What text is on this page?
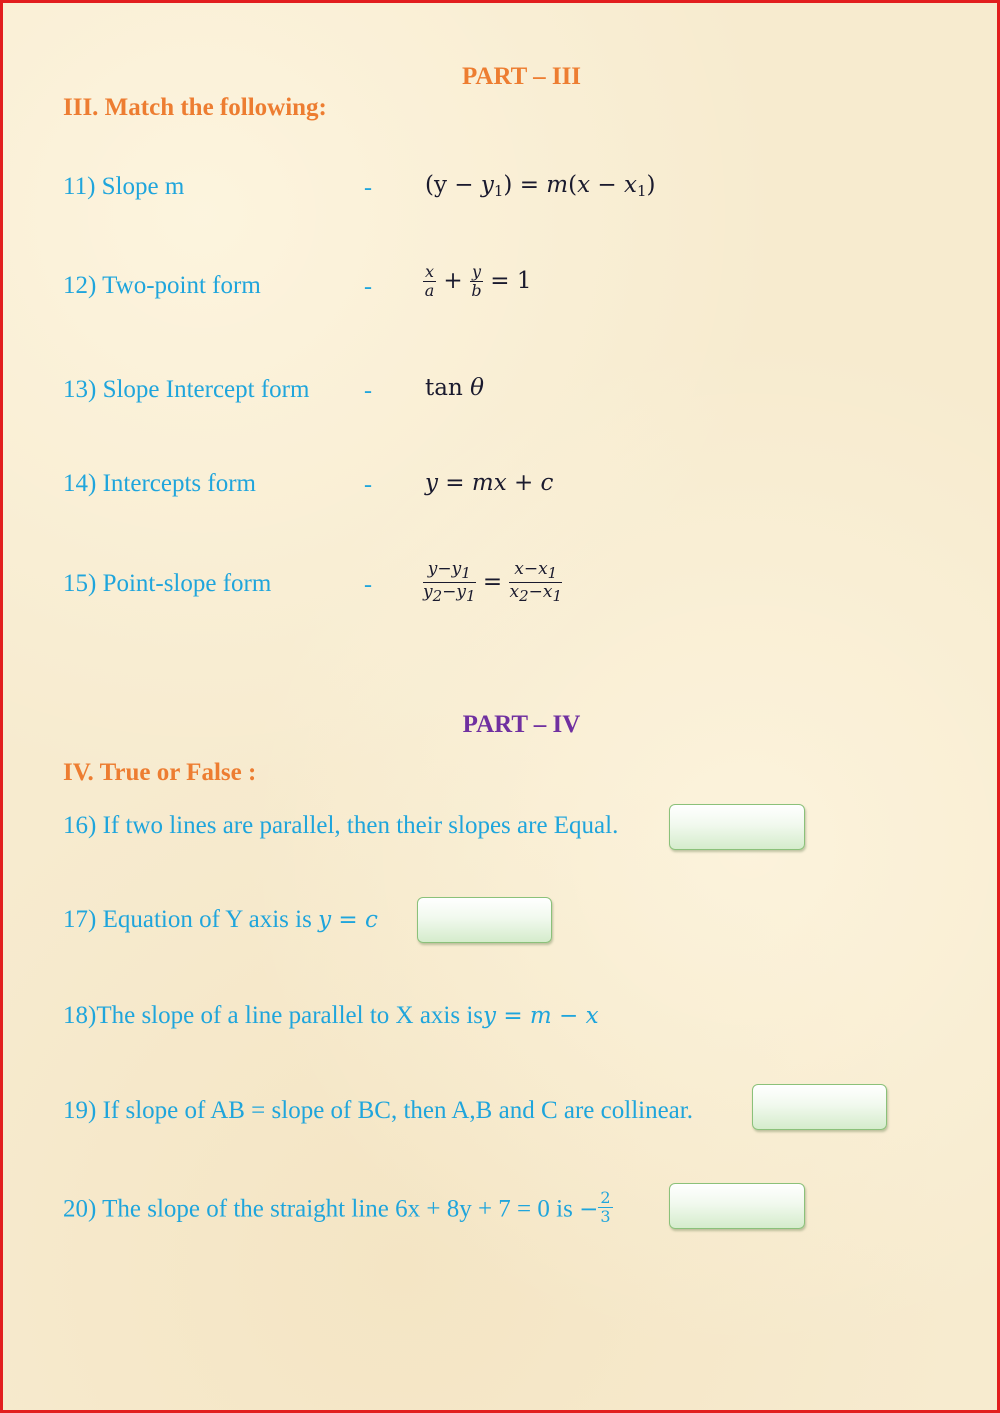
PART – III
III. Match the following:
11) Slope m	- $(y - y_1) = m(x - x_1)$
12) Two-point form	-	$\frac{x}{a} + \frac{y}{b} = 1$
13) Slope Intercept form - tan θ
14) Intercepts form	- y = mx + c
15) Point-slope form	-	$\frac{y-y_1}{y_2-y_1} = \frac{x-x_1}{x_2-x_1}$
PART – IV
IV. True or False :
16) If two lines are parallel, then their slopes are Equal.
17) Equation of Y axis is y = c
18)The slope of a line parallel to X axis isy = m − x
19) If slope of AB = slope of BC, then A,B and C are collinear.
20) The slope of the straight line 6x + 8y + 7 = 0 is − $\frac{2}{3}$
